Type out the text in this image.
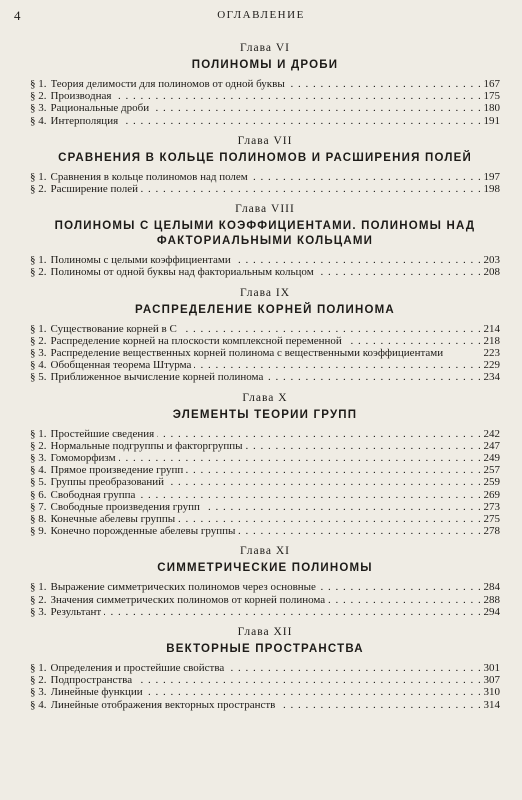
4	ОГЛАВЛЕНИЕ
Глава VI
ПОЛИНОМЫ И ДРОБИ
§ 1. Теория делимости для полиномов от одной буквы . . .	167
§ 2. Производная . . .	175
§ 3. Рациональные дроби . . .	180
§ 4. Интерполяция . . .	191
Глава VII
СРАВНЕНИЯ В КОЛЬЦЕ ПОЛИНОМОВ И РАСШИРЕНИЯ ПОЛЕЙ
§ 1. Сравнения в кольце полиномов над полем . . .	197
§ 2. Расширение полей . . .	198
Глава VIII
ПОЛИНОМЫ С ЦЕЛЫМИ КОЭФФИЦИЕНТАМИ. ПОЛИНОМЫ НАД ФАКТОРИАЛЬНЫМИ КОЛЬЦАМИ
§ 1. Полиномы с целыми коэффициентами . . .	203
§ 2. Полиномы от одной буквы над факториальным кольцом . . .	208
Глава IX
РАСПРЕДЕЛЕНИЕ КОРНЕЙ ПОЛИНОМА
§ 1. Существование корней в C . . .	214
§ 2. Распределение корней на плоскости комплексной переменной . . .	218
§ 3. Распределение вещественных корней полинома с вещественными коэффициентами	223
§ 4. Обобщенная теорема Штурма . . .	229
§ 5. Приближенное вычисление корней полинома . . .	234
Глава X
ЭЛЕМЕНТЫ ТЕОРИИ ГРУПП
§ 1. Простейшие сведения . . .	242
§ 2. Нормальные подгруппы и факторгруппы . . .	247
§ 3. Гомоморфизм . . .	249
§ 4. Прямое произведение групп . . .	257
§ 5. Группы преобразований . . .	259
§ 6. Свободная группа . . .	269
§ 7. Свободные произведения групп . . .	273
§ 8. Конечные абелевы группы . . .	275
§ 9. Конечно порожденные абелевы группы . . .	278
Глава XI
СИММЕТРИЧЕСКИЕ ПОЛИНОМЫ
§ 1. Выражение симметрических полиномов через основные . . .	284
§ 2. Значения симметрических полиномов от корней полинома . . .	288
§ 3. Результант . . .	294
Глава XII
ВЕКТОРНЫЕ ПРОСТРАНСТВА
§ 1. Определения и простейшие свойства . . .	301
§ 2. Подпространства . . .	307
§ 3. Линейные функции . . .	310
§ 4. Линейные отображения векторных пространств . . .	314
